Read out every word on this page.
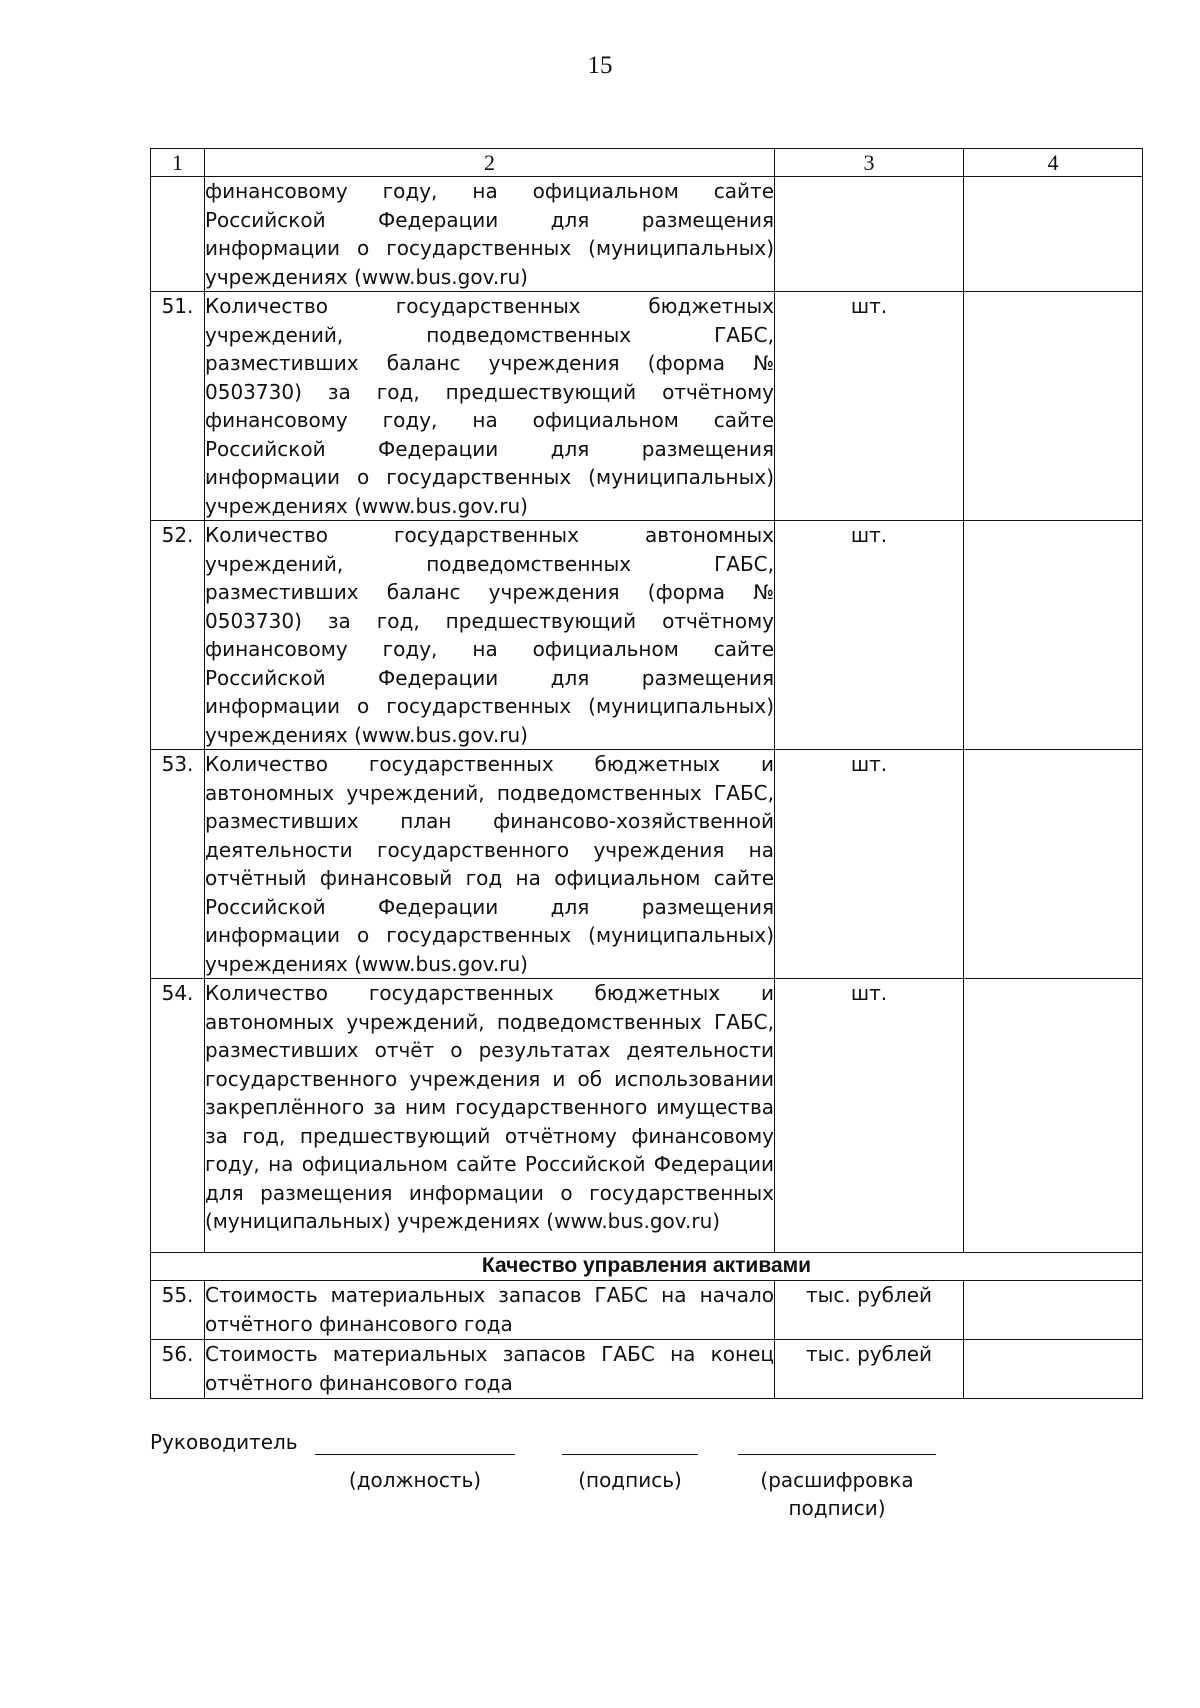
15
1	2	3	4
	финансовому году, на официальном сайте Российской Федерации для размещения информации о государственных (муниципальных) учреждениях (www.bus.gov.ru)		
51.	Количество государственных бюджетных учреждений, подведомственных ГАБС, разместивших баланс учреждения (форма № 0503730) за год, предшествующий отчётному финансовому году, на официальном сайте Российской Федерации для размещения информации о государственных (муниципальных) учреждениях (www.bus.gov.ru)	шт.	
52.	Количество государственных автономных учреждений, подведомственных ГАБС, разместивших баланс учреждения (форма № 0503730) за год, предшествующий отчётному финансовому году, на официальном сайте Российской Федерации для размещения информации о государственных (муниципальных) учреждениях (www.bus.gov.ru)	шт.	
53.	Количество государственных бюджетных и автономных учреждений, подведомственных ГАБС, разместивших план финансово-хозяйственной деятельности государственного учреждения на отчётный финансовый год на официальном сайте Российской Федерации для размещения информации о государственных (муниципальных) учреждениях (www.bus.gov.ru)	шт.	
54.	Количество государственных бюджетных и автономных учреждений, подведомственных ГАБС, разместивших отчёт о результатах деятельности государственного учреждения и об использовании закреплённого за ним государственного имущества за год, предшествующий отчётному финансовому году, на официальном сайте Российской Федерации для размещения информации о государственных (муниципальных) учреждениях (www.bus.gov.ru)	шт.	
Качество управления активами			
55.	Стоимость материальных запасов ГАБС на начало отчётного финансового года	тыс. рублей	
56.	Стоимость материальных запасов ГАБС на конец отчётного финансового года	тыс. рублей	
Руководитель
(должность)	(подпись)	(расшифровка подписи)
